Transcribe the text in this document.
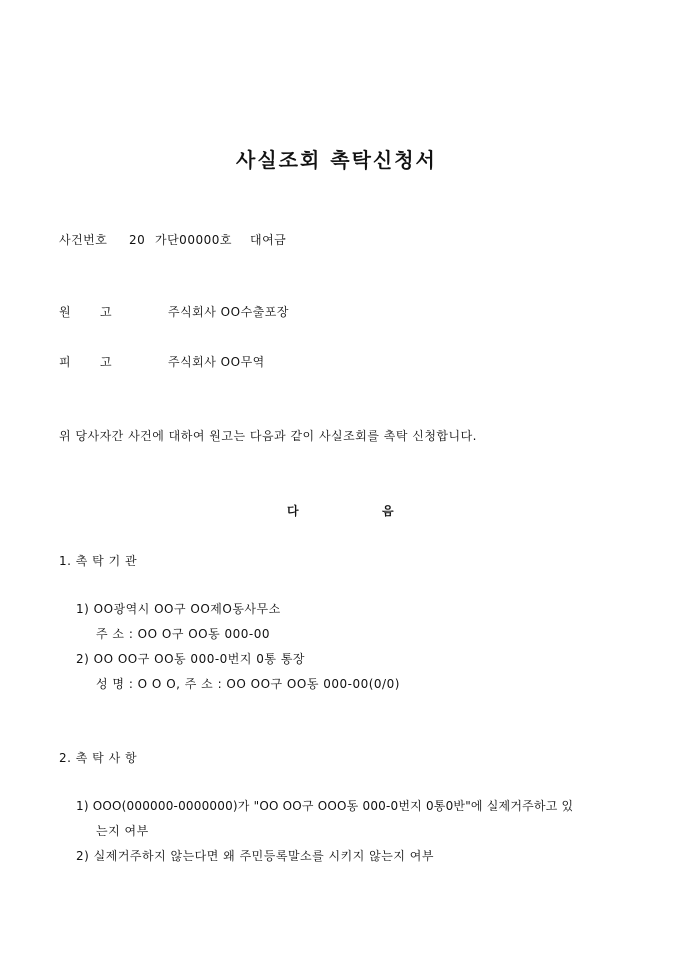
사실조회 촉탁신청서
사건번호 20 가단00000호 대여금
원 고	주식회사 OO수출포장
피 고	주식회사 OO무역
위 당사자간 사건에 대하여 원고는 다음과 같이 사실조회를 촉탁 신청합니다.
다	음
1. 촉 탁 기 관
1) OO광역시 OO구 OO제O동사무소
주 소 : OO O구 OO동 000-00
2) OO OO구 OO동 000-0번지 0통 통장
성 명 : O O O, 주 소 : OO OO구 OO동 000-00(0/0)
2. 촉 탁 사 항
1) OOO(000000-0000000)가 "OO OO구 OOO동 000-0번지 0통0반"에 실제거주하고 있
는지 여부
2) 실제거주하지 않는다면 왜 주민등록말소를 시키지 않는지 여부
